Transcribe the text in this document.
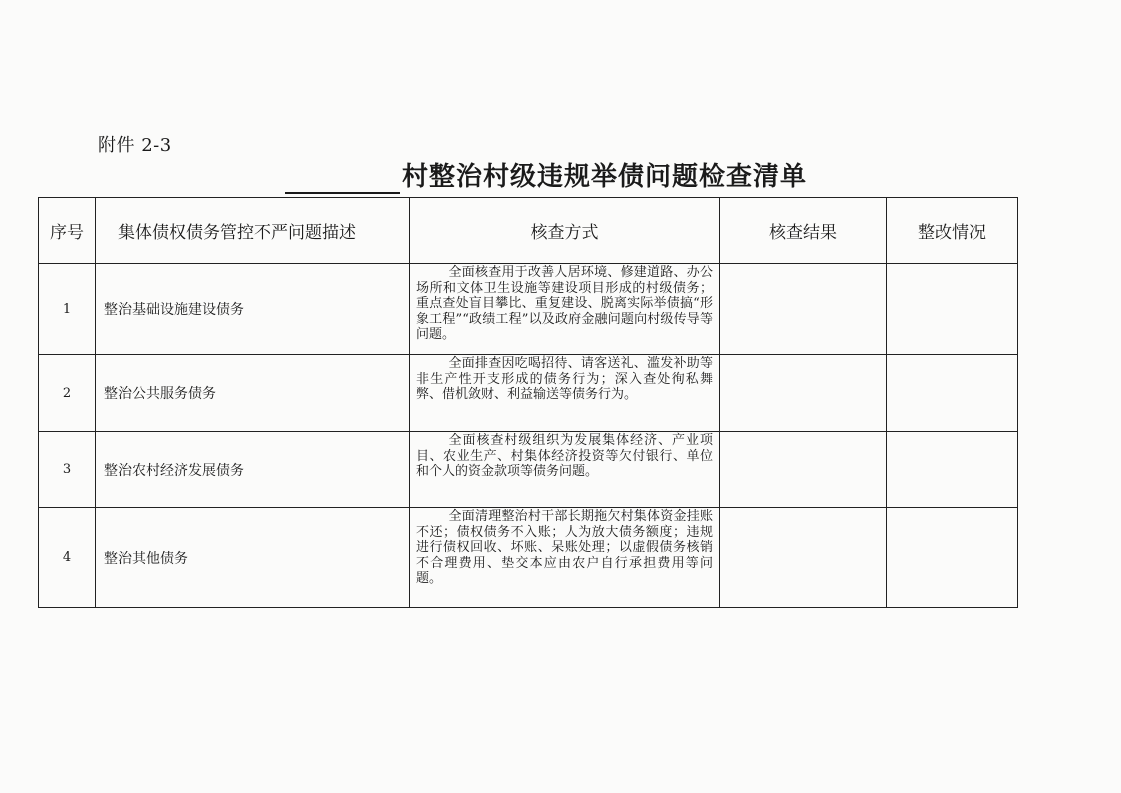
附件 2-3
村整治村级违规举债问题检查清单
序号	集体债权债务管控不严问题描述	核查方式	核查结果	整改情况
1	整治基础设施建设债务	全面核查用于改善人居环境、修建道路、办公场所和文体卫生设施等建设项目形成的村级债务；重点查处盲目攀比、重复建设、脱离实际举债搞“形象工程”“政绩工程”以及政府金融问题向村级传导等问题。		

2	整治公共服务债务	全面排查因吃喝招待、请客送礼、滥发补助等非生产性开支形成的债务行为；深入查处徇私舞弊、借机敛财、利益输送等债务行为。		

3	整治农村经济发展债务	全面核查村级组织为发展集体经济、产业项目、农业生产、村集体经济投资等欠付银行、单位和个人的资金款项等债务问题。		

4	整治其他债务	全面清理整治村干部长期拖欠村集体资金挂账不还；债权债务不入账；人为放大债务额度；违规进行债权回收、坏账、呆账处理；以虚假债务核销不合理费用、垫交本应由农户自行承担费用等问题。		
